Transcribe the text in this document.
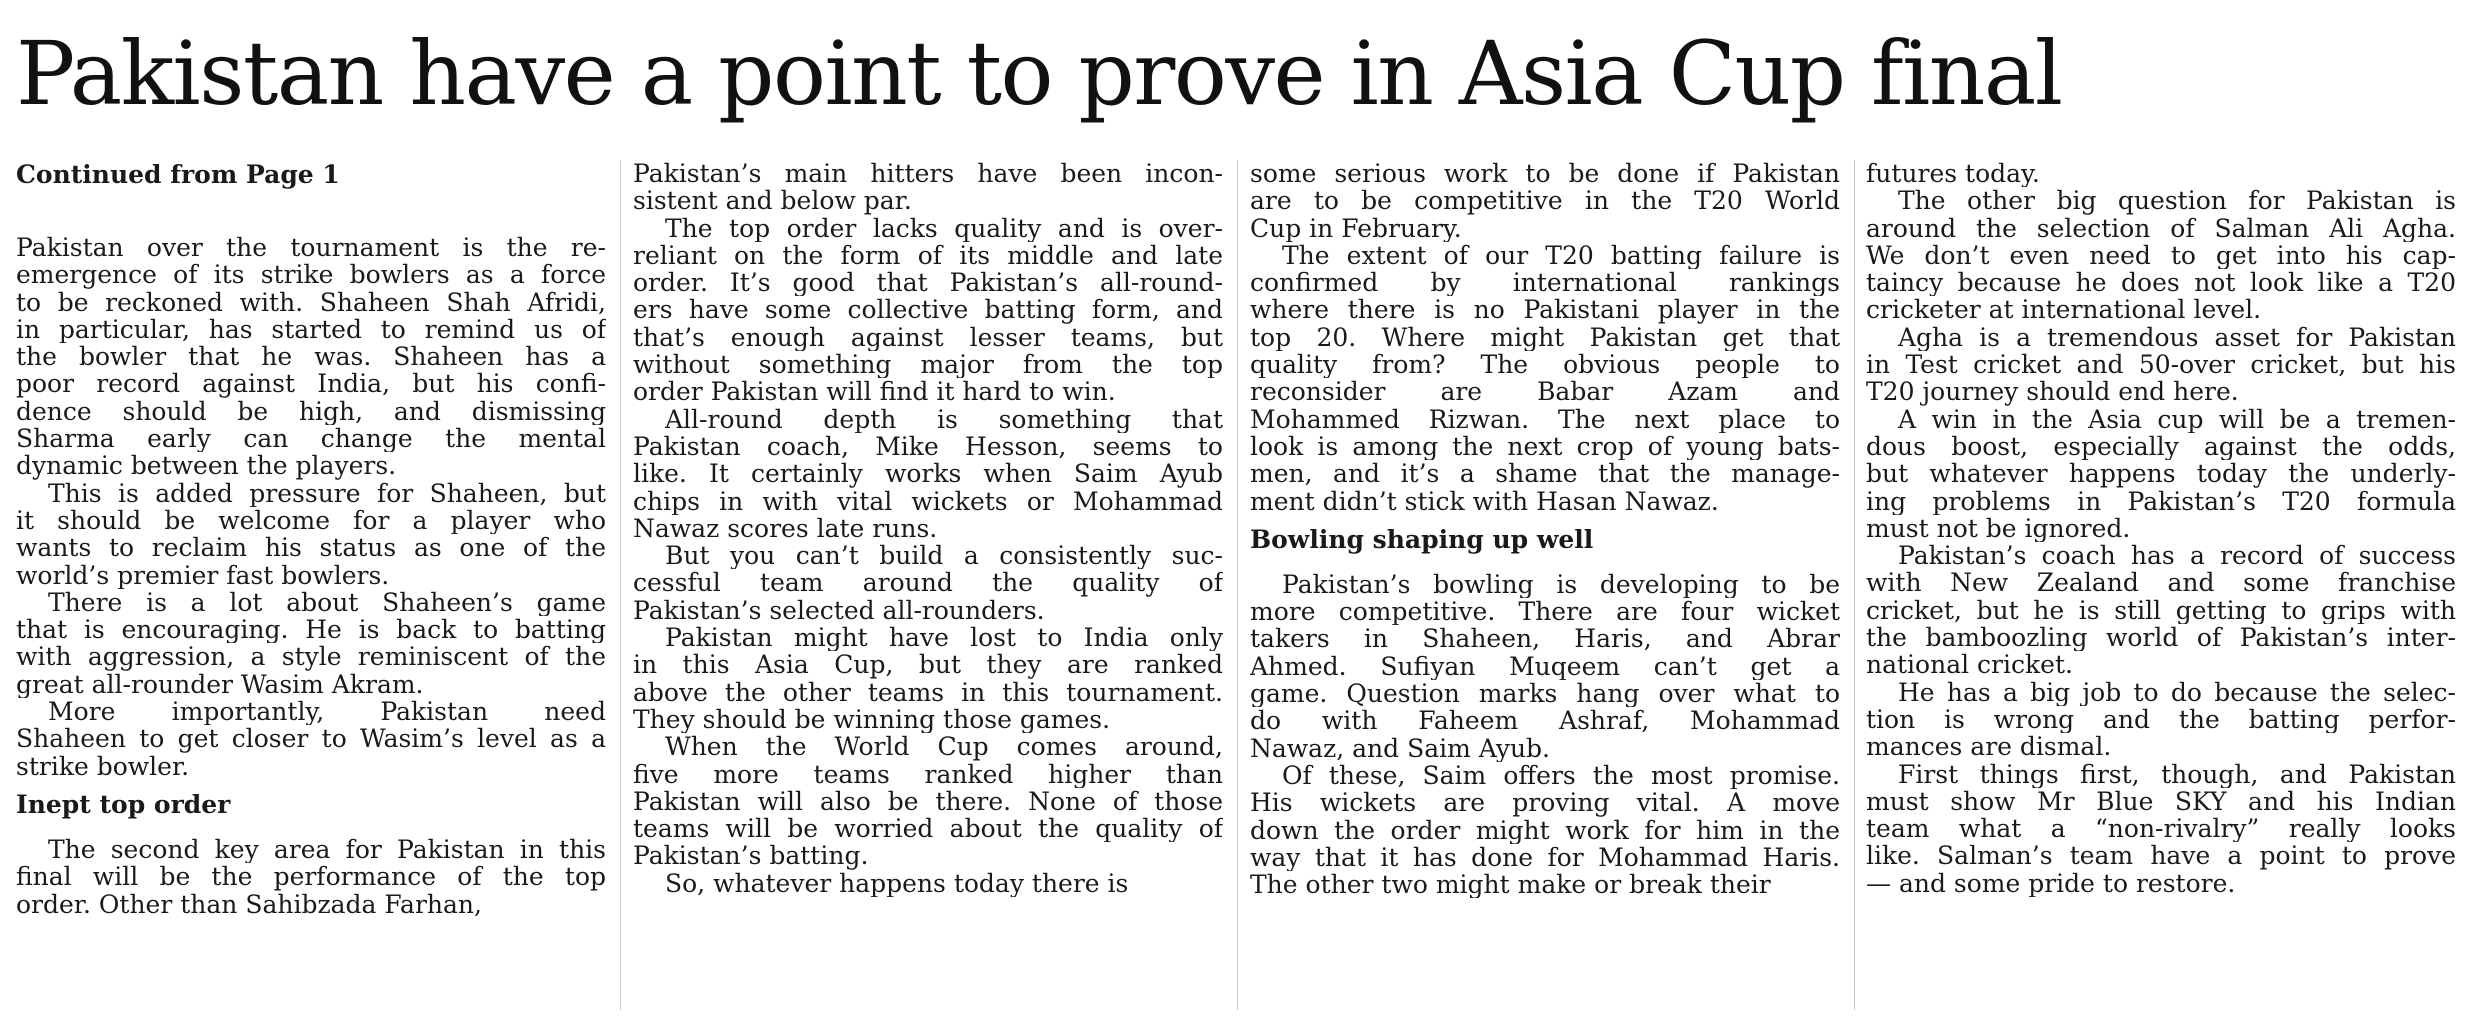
Pakistan have a point to prove in Asia Cup final
Continued from Page 1
Pakistan over the tournament is the re-
emergence of its strike bowlers as a force
to be reckoned with. Shaheen Shah Afridi,
in particular, has started to remind us of
the bowler that he was. Shaheen has a
poor record against India, but his confi-
dence should be high, and dismissing
Sharma early can change the mental
dynamic between the players.
This is added pressure for Shaheen, but
it should be welcome for a player who
wants to reclaim his status as one of the
world’s premier fast bowlers.
There is a lot about Shaheen’s game
that is encouraging. He is back to batting
with aggression, a style reminiscent of the
great all-rounder Wasim Akram.
More importantly, Pakistan need
Shaheen to get closer to Wasim’s level as a
strike bowler.
Inept top order
The second key area for Pakistan in this
final will be the performance of the top
order. Other than Sahibzada Farhan,
Pakistan’s main hitters have been incon-
sistent and below par.
The top order lacks quality and is over-
reliant on the form of its middle and late
order. It’s good that Pakistan’s all-round-
ers have some collective batting form, and
that’s enough against lesser teams, but
without something major from the top
order Pakistan will find it hard to win.
All-round depth is something that
Pakistan coach, Mike Hesson, seems to
like. It certainly works when Saim Ayub
chips in with vital wickets or Mohammad
Nawaz scores late runs.
But you can’t build a consistently suc-
cessful team around the quality of
Pakistan’s selected all-rounders.
Pakistan might have lost to India only
in this Asia Cup, but they are ranked
above the other teams in this tournament.
They should be winning those games.
When the World Cup comes around,
five more teams ranked higher than
Pakistan will also be there. None of those
teams will be worried about the quality of
Pakistan’s batting.
So, whatever happens today there is
some serious work to be done if Pakistan
are to be competitive in the T20 World
Cup in February.
The extent of our T20 batting failure is
confirmed by international rankings
where there is no Pakistani player in the
top 20. Where might Pakistan get that
quality from? The obvious people to
reconsider are Babar Azam and
Mohammed Rizwan. The next place to
look is among the next crop of young bats-
men, and it’s a shame that the manage-
ment didn’t stick with Hasan Nawaz.
Bowling shaping up well
Pakistan’s bowling is developing to be
more competitive. There are four wicket
takers in Shaheen, Haris, and Abrar
Ahmed. Sufiyan Muqeem can’t get a
game. Question marks hang over what to
do with Faheem Ashraf, Mohammad
Nawaz, and Saim Ayub.
Of these, Saim offers the most promise.
His wickets are proving vital. A move
down the order might work for him in the
way that it has done for Mohammad Haris.
The other two might make or break their
futures today.
The other big question for Pakistan is
around the selection of Salman Ali Agha.
We don’t even need to get into his cap-
taincy because he does not look like a T20
cricketer at international level.
Agha is a tremendous asset for Pakistan
in Test cricket and 50-over cricket, but his
T20 journey should end here.
A win in the Asia cup will be a tremen-
dous boost, especially against the odds,
but whatever happens today the underly-
ing problems in Pakistan’s T20 formula
must not be ignored.
Pakistan’s coach has a record of success
with New Zealand and some franchise
cricket, but he is still getting to grips with
the bamboozling world of Pakistan’s inter-
national cricket.
He has a big job to do because the selec-
tion is wrong and the batting perfor-
mances are dismal.
First things first, though, and Pakistan
must show Mr Blue SKY and his Indian
team what a “non-rivalry” really looks
like. Salman’s team have a point to prove
— and some pride to restore.
